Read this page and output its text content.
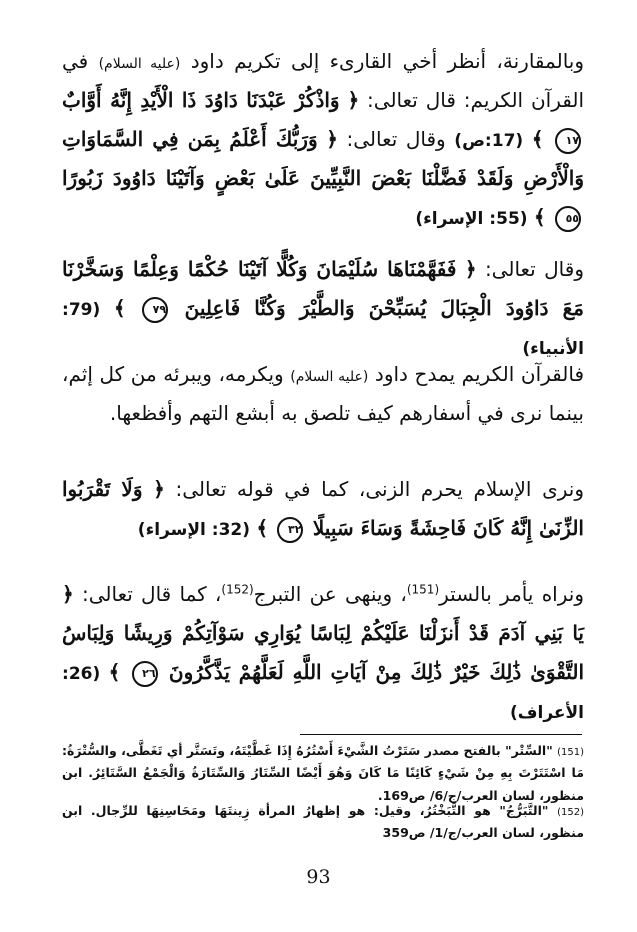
وبالمقارنة، أنظر أخي القارىء إلى تكريم داود (عليه السلام) في القرآن الكريم: قال تعالى: ﴿ وَاذْكُرْ عَبْدَنَا دَاوُدَ ذَا الْأَيْدِ إِنَّهُ أَوَّابٌ ١٧ ﴾ (17:ص) وقال تعالى: ﴿ وَرَبُّكَ أَعْلَمُ بِمَن فِي السَّمَاوَاتِ وَالْأَرْضِ وَلَقَدْ فَضَّلْنَا بَعْضَ النَّبِيِّينَ عَلَىٰ بَعْضٍ وَآتَيْنَا دَاوُودَ زَبُورًا ٥٥ ﴾ (55: الإسراء)

وقال تعالى: ﴿ فَفَهَّمْنَاهَا سُلَيْمَانَ وَكُلًّا آتَيْنَا حُكْمًا وَعِلْمًا وَسَخَّرْنَا مَعَ دَاوُودَ الْجِبَالَ يُسَبِّحْنَ وَالطَّيْرَ وَكُنَّا فَاعِلِينَ ٧٩ ﴾ (79: الأنبياء)

فالقرآن الكريم يمدح داود (عليه السلام) ويكرمه، ويبرئه من كل إثم، بينما نرى في أسفارهم كيف تلصق به أبشع التهم وأفظعها.

ونرى الإسلام يحرم الزنى، كما في قوله تعالى: ﴿ وَلَا تَقْرَبُوا الزِّنَىٰ إِنَّهُ كَانَ فَاحِشَةً وَسَاءَ سَبِيلًا ٣٢ ﴾ (32: الإسراء)

ونراه يأمر بالستر$^{(151)}$، وينهى عن التبرج$^{(152)}$، كما قال تعالى: ﴿ يَا بَنِي آدَمَ قَدْ أَنزَلْنَا عَلَيْكُمْ لِبَاسًا يُوَارِي سَوْآتِكُمْ وَرِيشًا وَلِبَاسُ التَّقْوَىٰ ذَٰلِكَ خَيْرٌ ذَٰلِكَ مِنْ آيَاتِ اللَّهِ لَعَلَّهُمْ يَذَّكَّرُونَ ٢٦ ﴾ (26: الأعراف)

(151) "السِّتْر" بالفتح مصدر سَتَرْتُ الشَّيْءَ أَسْتُرُهُ إِذَا غَطَّيْتَهُ، وتَسَتَّر أي تَغَطَّى، والسُّتْرَةُ: مَا اسْتَتَرْتَ بِهِ مِنْ شَيْءٍ كَائِنًا مَا كَانَ وَهُوَ أَيْضًا السِّتَارُ وَالسِّتَارَةُ وَالْجَمْعُ السَّتَائِرُ. ابن منظور، لسان العرب/ج/6/ ص169.

(152) "التَّبَرُّجُ" هو التَّبَخْتُرُ، وقيل: هو إظهارُ المرأة زِينتَهَا ومَحَاسِنِهَا للرِّجال. ابن منظور، لسان العرب/ج/1/ ص359

93
